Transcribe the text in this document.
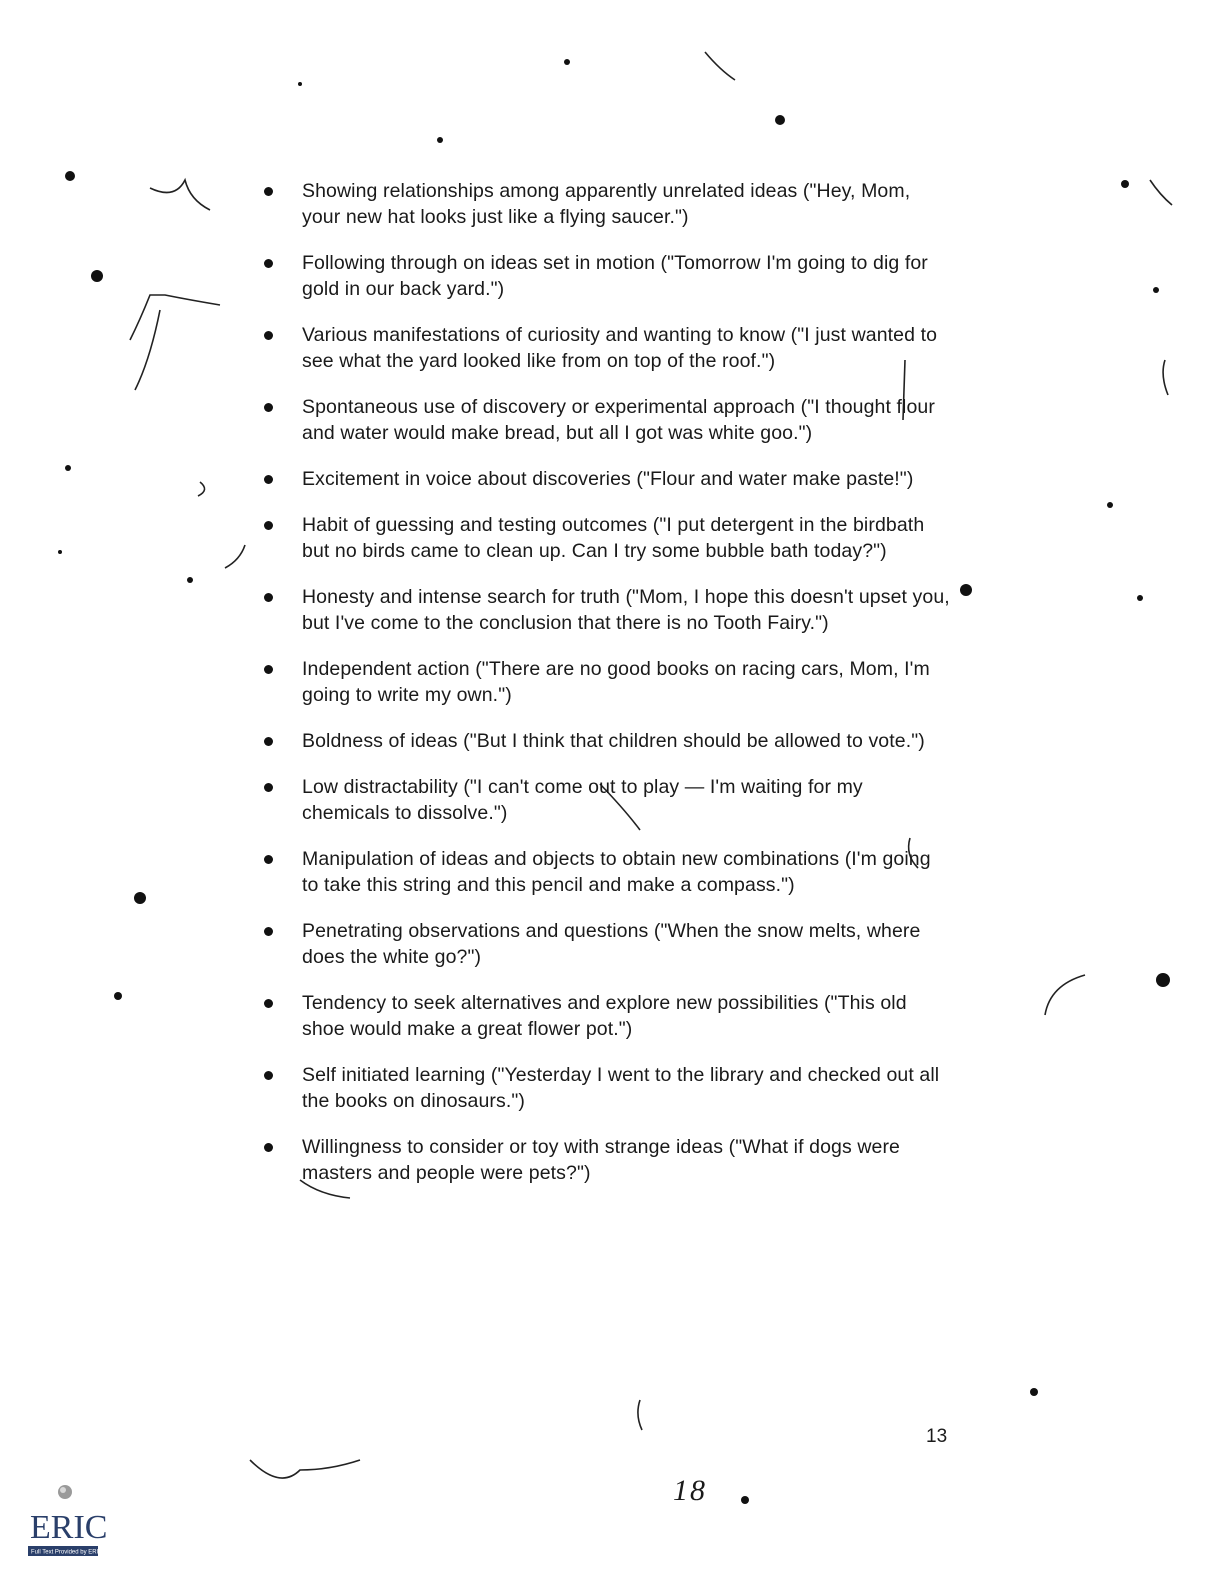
Showing relationships among apparently unrelated ideas ("Hey, Mom, your new hat looks just like a flying saucer.")
Following through on ideas set in motion ("Tomorrow I'm going to dig for gold in our back yard.")
Various manifestations of curiosity and wanting to know ("I just wanted to see what the yard looked like from on top of the roof.")
Spontaneous use of discovery or experimental approach ("I thought flour and water would make bread, but all I got was white goo.")
Excitement in voice about discoveries ("Flour and water make paste!")
Habit of guessing and testing outcomes ("I put detergent in the birdbath but no birds came to clean up. Can I try some bubble bath today?")
Honesty and intense search for truth ("Mom, I hope this doesn't upset you, but I've come to the conclusion that there is no Tooth Fairy.")
Independent action ("There are no good books on racing cars, Mom, I'm going to write my own.")
Boldness of ideas ("But I think that children should be allowed to vote.")
Low distractability ("I can't come out to play — I'm waiting for my chemicals to dissolve.")
Manipulation of ideas and objects to obtain new combinations (I'm going to take this string and this pencil and make a compass.")
Penetrating observations and questions ("When the snow melts, where does the white go?")
Tendency to seek alternatives and explore new possibilities ("This old shoe would make a great flower pot.")
Self initiated learning ("Yesterday I went to the library and checked out all the books on dinosaurs.")
Willingness to consider or toy with strange ideas ("What if dogs were masters and people were pets?")
13
18
ERIC
Full Text Provided by ERIC
